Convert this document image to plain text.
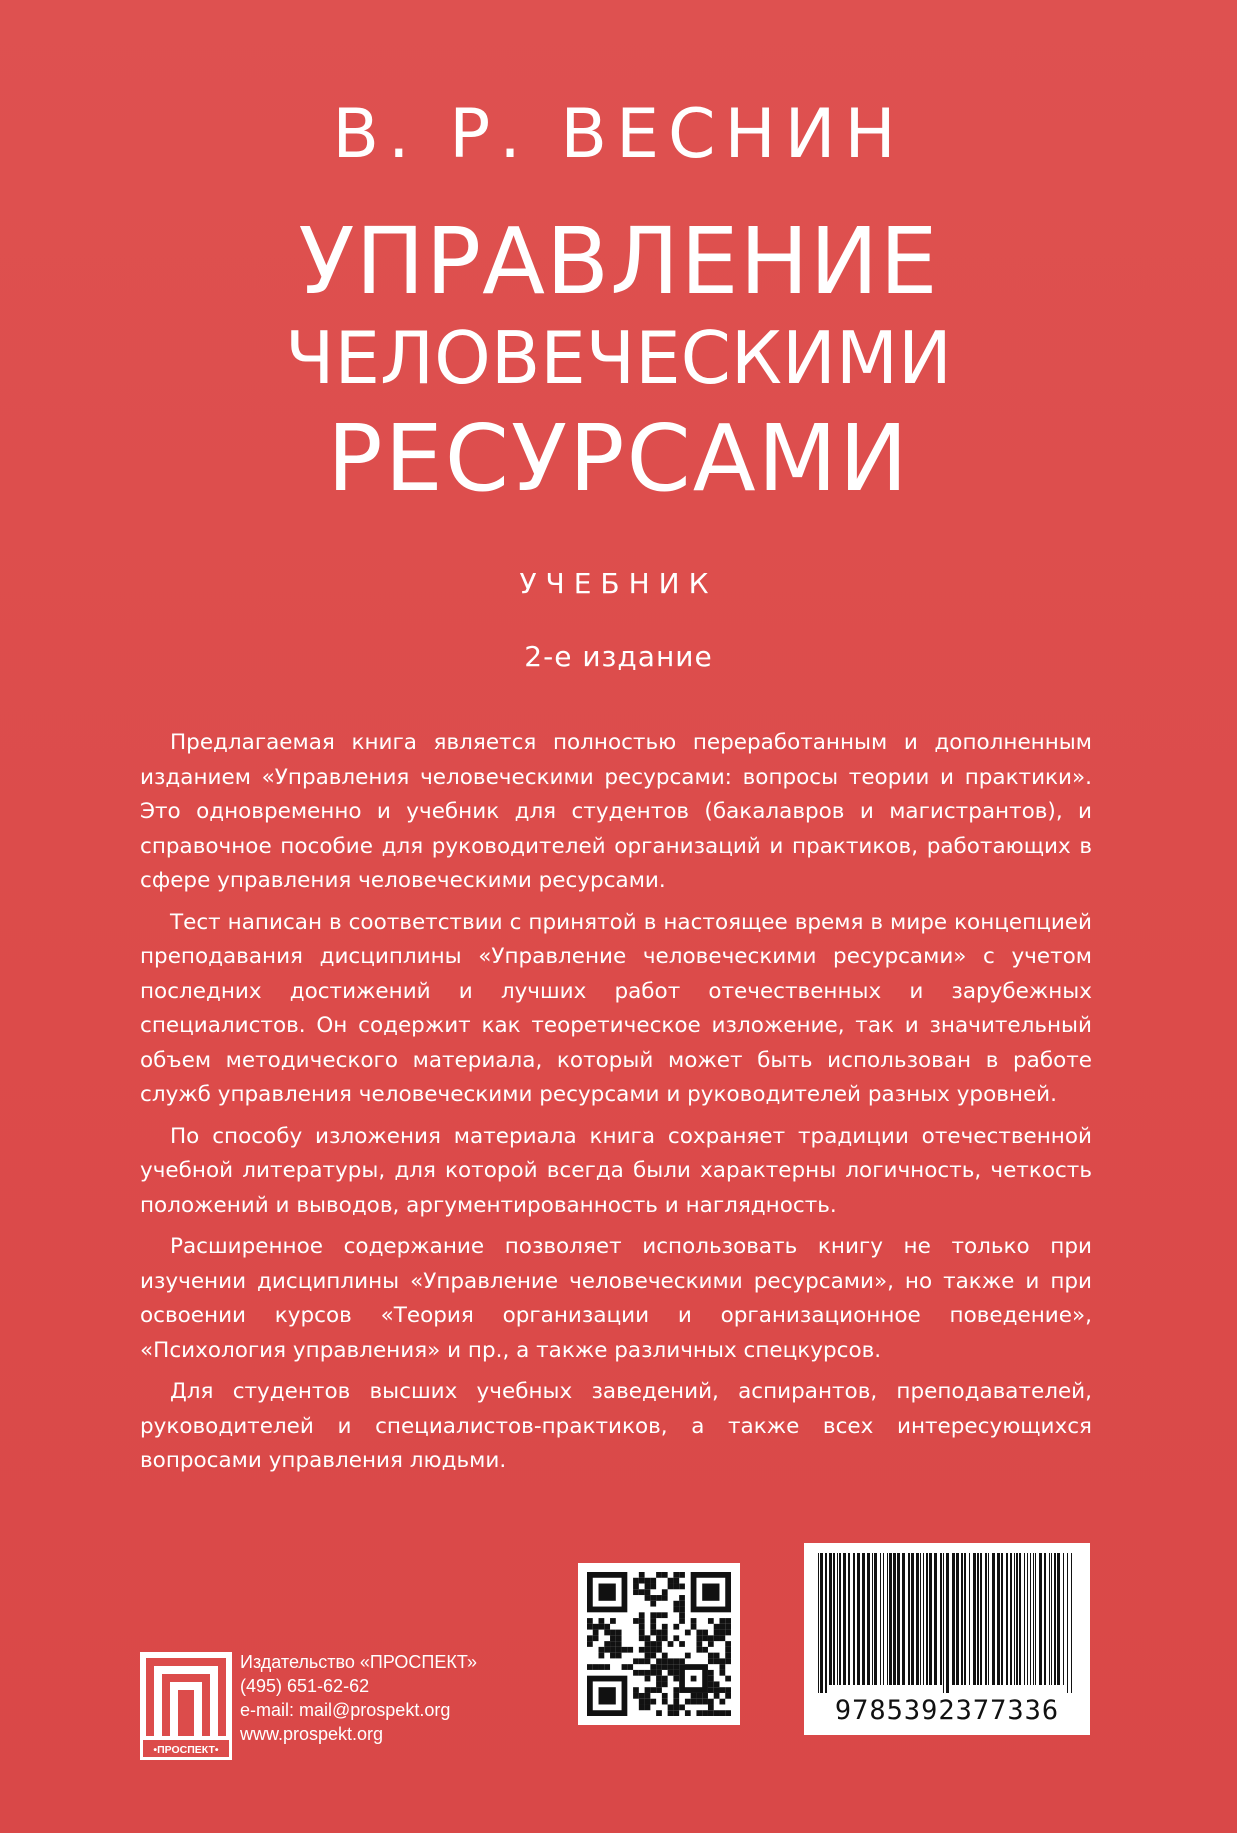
В. Р. ВЕСНИН
УПРАВЛЕНИЕ
ЧЕЛОВЕЧЕСКИМИ
РЕСУРСАМИ
УЧЕБНИК
2-е издание

Предлагаемая книга является полностью переработанным и дополненным изданием «Управления человеческими ресурсами: вопросы теории и практики». Это одновременно и учебник для студентов (бакалавров и магистрантов), и справочное пособие для руководителей организаций и практиков, работающих в сфере управления человеческими ресурсами.

Тест написан в соответствии с принятой в настоящее время в мире концепцией преподавания дисциплины «Управление человеческими ресурсами» с учетом последних достижений и лучших работ отечественных и зарубежных специалистов. Он содержит как теоретическое изложение, так и значительный объем методического материала, который может быть использован в работе служб управления человеческими ресурсами и руководителей разных уровней.

По способу изложения материала книга сохраняет традиции отечественной учебной литературы, для которой всегда были характерны логичность, четкость положений и выводов, аргументированность и наглядность.

Расширенное содержание позволяет использовать книгу не только при изучении дисциплины «Управление человеческими ресурсами», но также и при освоении курсов «Теория организации и организационное поведение», «Психология управления» и пр., а также различных спецкурсов.

Для студентов высших учебных заведений, аспирантов, преподавателей, руководителей и специалистов-практиков, а также всех интересующихся вопросами управления людьми.

•ПРОСПЕКТ•
Издательство «ПРОСПЕКТ»
(495) 651-62-62
e-mail: mail@prospekt.org
www.prospekt.org
9785392377336
